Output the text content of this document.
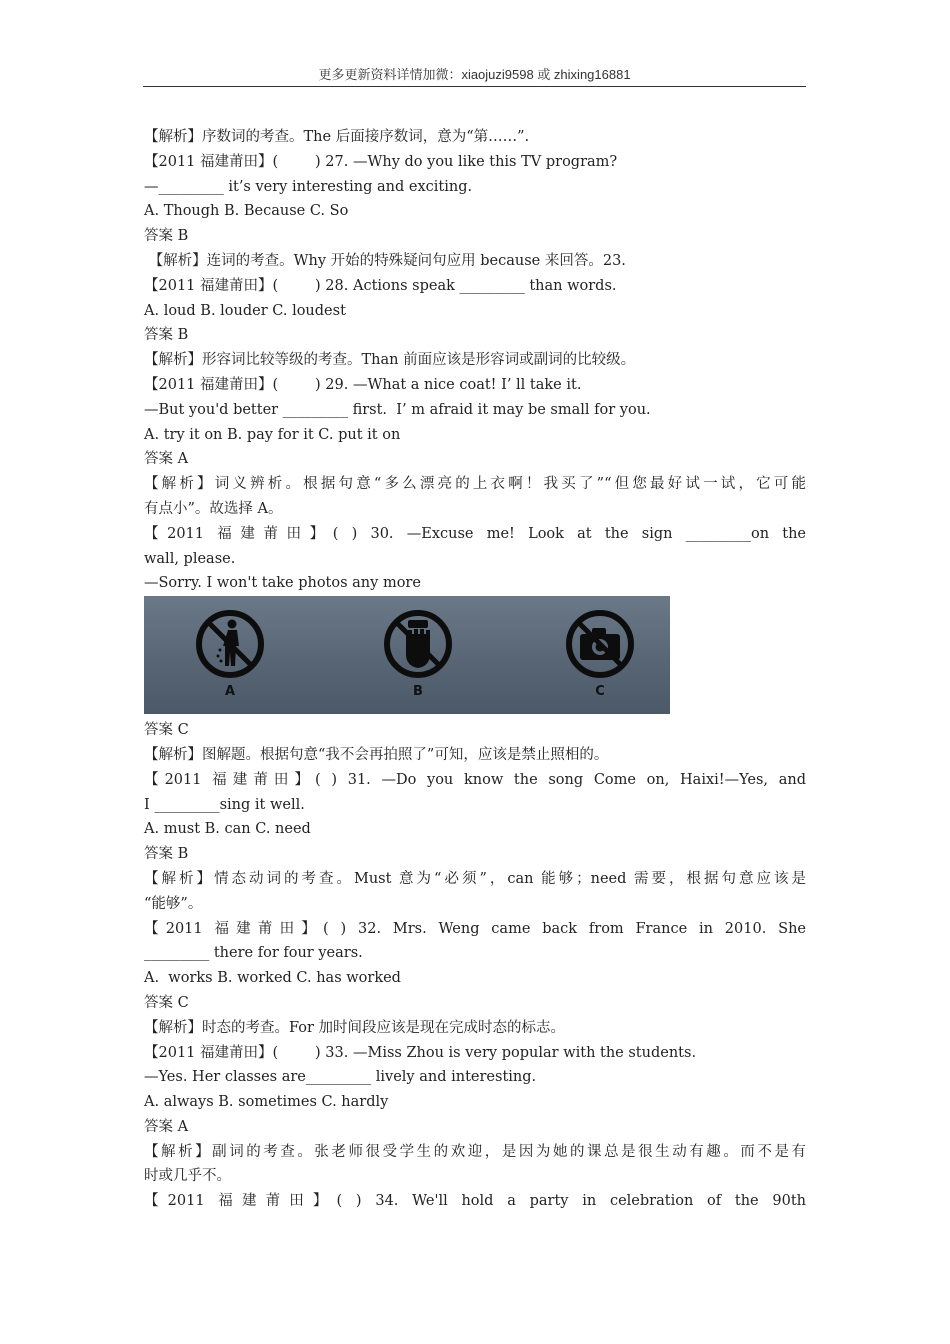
更多更新资料详情加微：xiaojuzi9598 或 zhixing16881
【解析】序数词的考查。The 后面接序数词，意为“第……”.
【2011 福建莆田】(        ) 27. —Why do you like this TV program?
—_________ it’s very interesting and exciting.
A. Though B. Because C. So
答案 B
【解析】连词的考查。Why 开始的特殊疑问句应用 because 来回答。23.
【2011 福建莆田】(        ) 28. Actions speak _________ than words.
A. loud B. louder C. loudest
答案 B
【解析】形容词比较等级的考查。Than 前面应该是形容词或副词的比较级。
【2011 福建莆田】(        ) 29. —What a nice coat! I’ ll take it.
—But you'd better _________ first.  I’ m afraid it may be small for you.
A. try it on B. pay for it C. put it on
答案 A
【解析】词义辨析。根据句意“多么漂亮的上衣啊！我买了”“但您最好试一试，它可能
有点小”。故选择 A。
【2011 福建莆田】( ) 30. —Excuse me! Look at the sign _________on the
wall, please.
—Sorry. I won't take photos any more
A	B	C
答案 C
【解析】图解题。根据句意“我不会再拍照了”可知，应该是禁止照相的。
【2011 福建莆田】( ) 31. —Do you know the song Come on, Haixi!—Yes, and
I _________sing it well.
A. must B. can C. need
答案 B
【解析】情态动词的考查。Must 意为“必须”，can 能够；need 需要，根据句意应该是
“能够”。
【2011 福建莆田】( ) 32. Mrs. Weng came back from France in 2010. She
_________ there for four years.
A.  works B. worked C. has worked
答案 C
【解析】时态的考查。For 加时间段应该是现在完成时态的标志。
【2011 福建莆田】(        ) 33. —Miss Zhou is very popular with the students.
—Yes. Her classes are_________ lively and interesting.
A. always B. sometimes C. hardly
答案 A
【解析】副词的考查。张老师很受学生的欢迎，是因为她的课总是很生动有趣。而不是有
时或几乎不。
【2011 福建莆田】( ) 34. We'll hold a party in celebration of the 90th
